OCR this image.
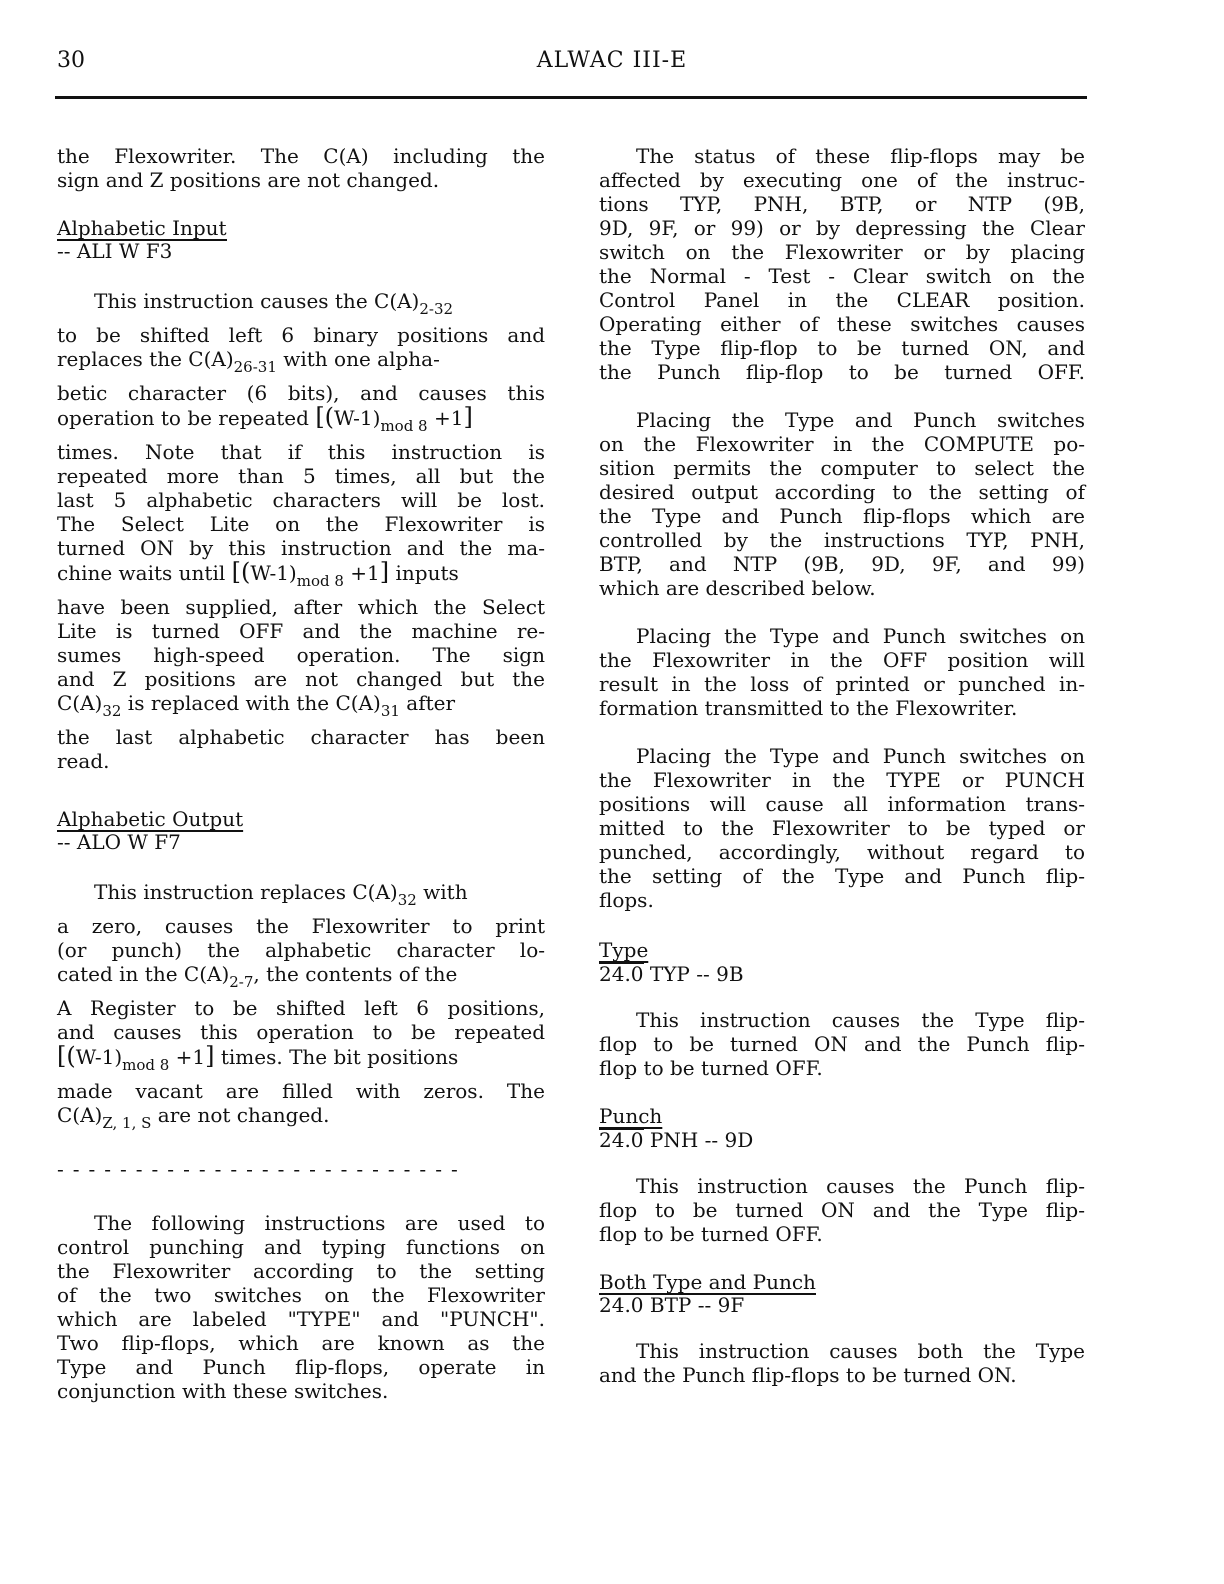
30	ALWAC III-E
the Flexowriter. The C(A) including the
sign and Z positions are not changed.
Alphabetic Input
-- ALI W F3
This instruction causes the $C(A)_{2-32}$
to be shifted left 6 binary positions and
replaces the $C(A)_{26-31}$ with one alpha-
betic character (6 bits), and causes this
operation to be repeated $[(W-1)_{mod 8} +1]$
times. Note that if this instruction is
repeated more than 5 times, all but the
last 5 alphabetic characters will be lost.
The Select Lite on the Flexowriter is
turned ON by this instruction and the ma-
chine waits until $[(W-1)_{mod 8} +1]$ inputs
have been supplied, after which the Select
Lite is turned OFF and the machine re-
sumes high-speed operation. The sign
and Z positions are not changed but the
$C(A)_{32}$ is replaced with the $C(A)_{31}$ after
the last alphabetic character has been
read.
Alphabetic Output
-- ALO W F7
This instruction replaces $C(A)_{32}$ with
a zero, causes the Flexowriter to print
(or punch) the alphabetic character lo-
cated in the $C(A)_{2-7}$, the contents of the
A Register to be shifted left 6 positions,
and causes this operation to be repeated
$[(W-1)_{mod 8} +1]$ times. The bit positions
made vacant are filled with zeros. The
$C(A)_{Z, 1, S}$ are not changed.
--------------------------
The following instructions are used to
control punching and typing functions on
the Flexowriter according to the setting
of the two switches on the Flexowriter
which are labeled "TYPE" and "PUNCH".
Two flip-flops, which are known as the
Type and Punch flip-flops, operate in
conjunction with these switches.
The status of these flip-flops may be
affected by executing one of the instruc-
tions TYP, PNH, BTP, or NTP (9B,
9D, 9F, or 99) or by depressing the Clear
switch on the Flexowriter or by placing
the Normal - Test - Clear switch on the
Control Panel in the CLEAR position.
Operating either of these switches causes
the Type flip-flop to be turned ON, and
the Punch flip-flop to be turned OFF.
Placing the Type and Punch switches
on the Flexowriter in the COMPUTE po-
sition permits the computer to select the
desired output according to the setting of
the Type and Punch flip-flops which are
controlled by the instructions TYP, PNH,
BTP, and NTP (9B, 9D, 9F, and 99)
which are described below.
Placing the Type and Punch switches on
the Flexowriter in the OFF position will
result in the loss of printed or punched in-
formation transmitted to the Flexowriter.
Placing the Type and Punch switches on
the Flexowriter in the TYPE or PUNCH
positions will cause all information trans-
mitted to the Flexowriter to be typed or
punched, accordingly, without regard to
the setting of the Type and Punch flip-
flops.
Type
24.0 TYP -- 9B
This instruction causes the Type flip-
flop to be turned ON and the Punch flip-
flop to be turned OFF.
Punch
24.0 PNH -- 9D
This instruction causes the Punch flip-
flop to be turned ON and the Type flip-
flop to be turned OFF.
Both Type and Punch
24.0 BTP -- 9F
This instruction causes both the Type
and the Punch flip-flops to be turned ON.
